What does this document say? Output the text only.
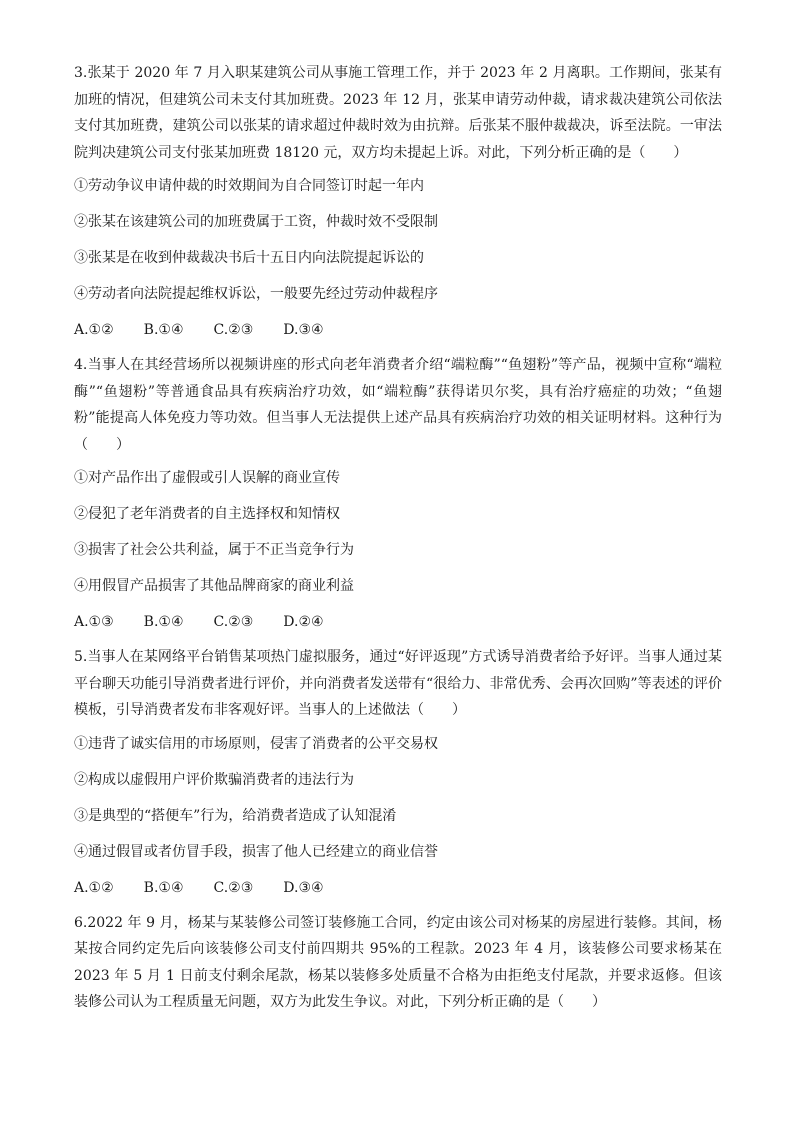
3.张某于 2020 年 7 月入职某建筑公司从事施工管理工作，并于 2023 年 2 月离职。工作期间，张某有加班的情况，但建筑公司未支付其加班费。2023 年 12 月，张某申请劳动仲裁，请求裁决建筑公司依法支付其加班费，建筑公司以张某的请求超过仲裁时效为由抗辩。后张某不服仲裁裁决，诉至法院。一审法院判决建筑公司支付张某加班费 18120 元，双方均未提起上诉。对此，下列分析正确的是（　　）

①劳动争议申请仲裁的时效期间为自合同签订时起一年内

②张某在该建筑公司的加班费属于工资，仲裁时效不受限制

③张某是在收到仲裁裁决书后十五日内向法院提起诉讼的

④劳动者向法院提起维权诉讼，一般要先经过劳动仲裁程序

A.①② B.①④ C.②③ D.③④

4.当事人在其经营场所以视频讲座的形式向老年消费者介绍“端粒酶”“鱼翅粉”等产品，视频中宣称“端粒酶”“鱼翅粉”等普通食品具有疾病治疗功效，如“端粒酶”获得诺贝尔奖，具有治疗癌症的功效；“鱼翅粉”能提高人体免疫力等功效。但当事人无法提供上述产品具有疾病治疗功效的相关证明材料。这种行为（　　）

①对产品作出了虚假或引人误解的商业宣传

②侵犯了老年消费者的自主选择权和知情权

③损害了社会公共利益，属于不正当竞争行为

④用假冒产品损害了其他品牌商家的商业利益

A.①③ B.①④ C.②③ D.②④

5.当事人在某网络平台销售某项热门虚拟服务，通过“好评返现”方式诱导消费者给予好评。当事人通过某平台聊天功能引导消费者进行评价，并向消费者发送带有“很给力、非常优秀、会再次回购”等表述的评价模板，引导消费者发布非客观好评。当事人的上述做法（　　）

①违背了诚实信用的市场原则，侵害了消费者的公平交易权

②构成以虚假用户评价欺骗消费者的违法行为

③是典型的“搭便车”行为，给消费者造成了认知混淆

④通过假冒或者仿冒手段，损害了他人已经建立的商业信誉

A.①② B.①④ C.②③ D.③④

6.2022 年 9 月，杨某与某装修公司签订装修施工合同，约定由该公司对杨某的房屋进行装修。其间，杨某按合同约定先后向该装修公司支付前四期共 95%的工程款。2023 年 4 月，该装修公司要求杨某在 2023 年 5 月 1 日前支付剩余尾款，杨某以装修多处质量不合格为由拒绝支付尾款，并要求返修。但该装修公司认为工程质量无问题，双方为此发生争议。对此，下列分析正确的是（　　）
